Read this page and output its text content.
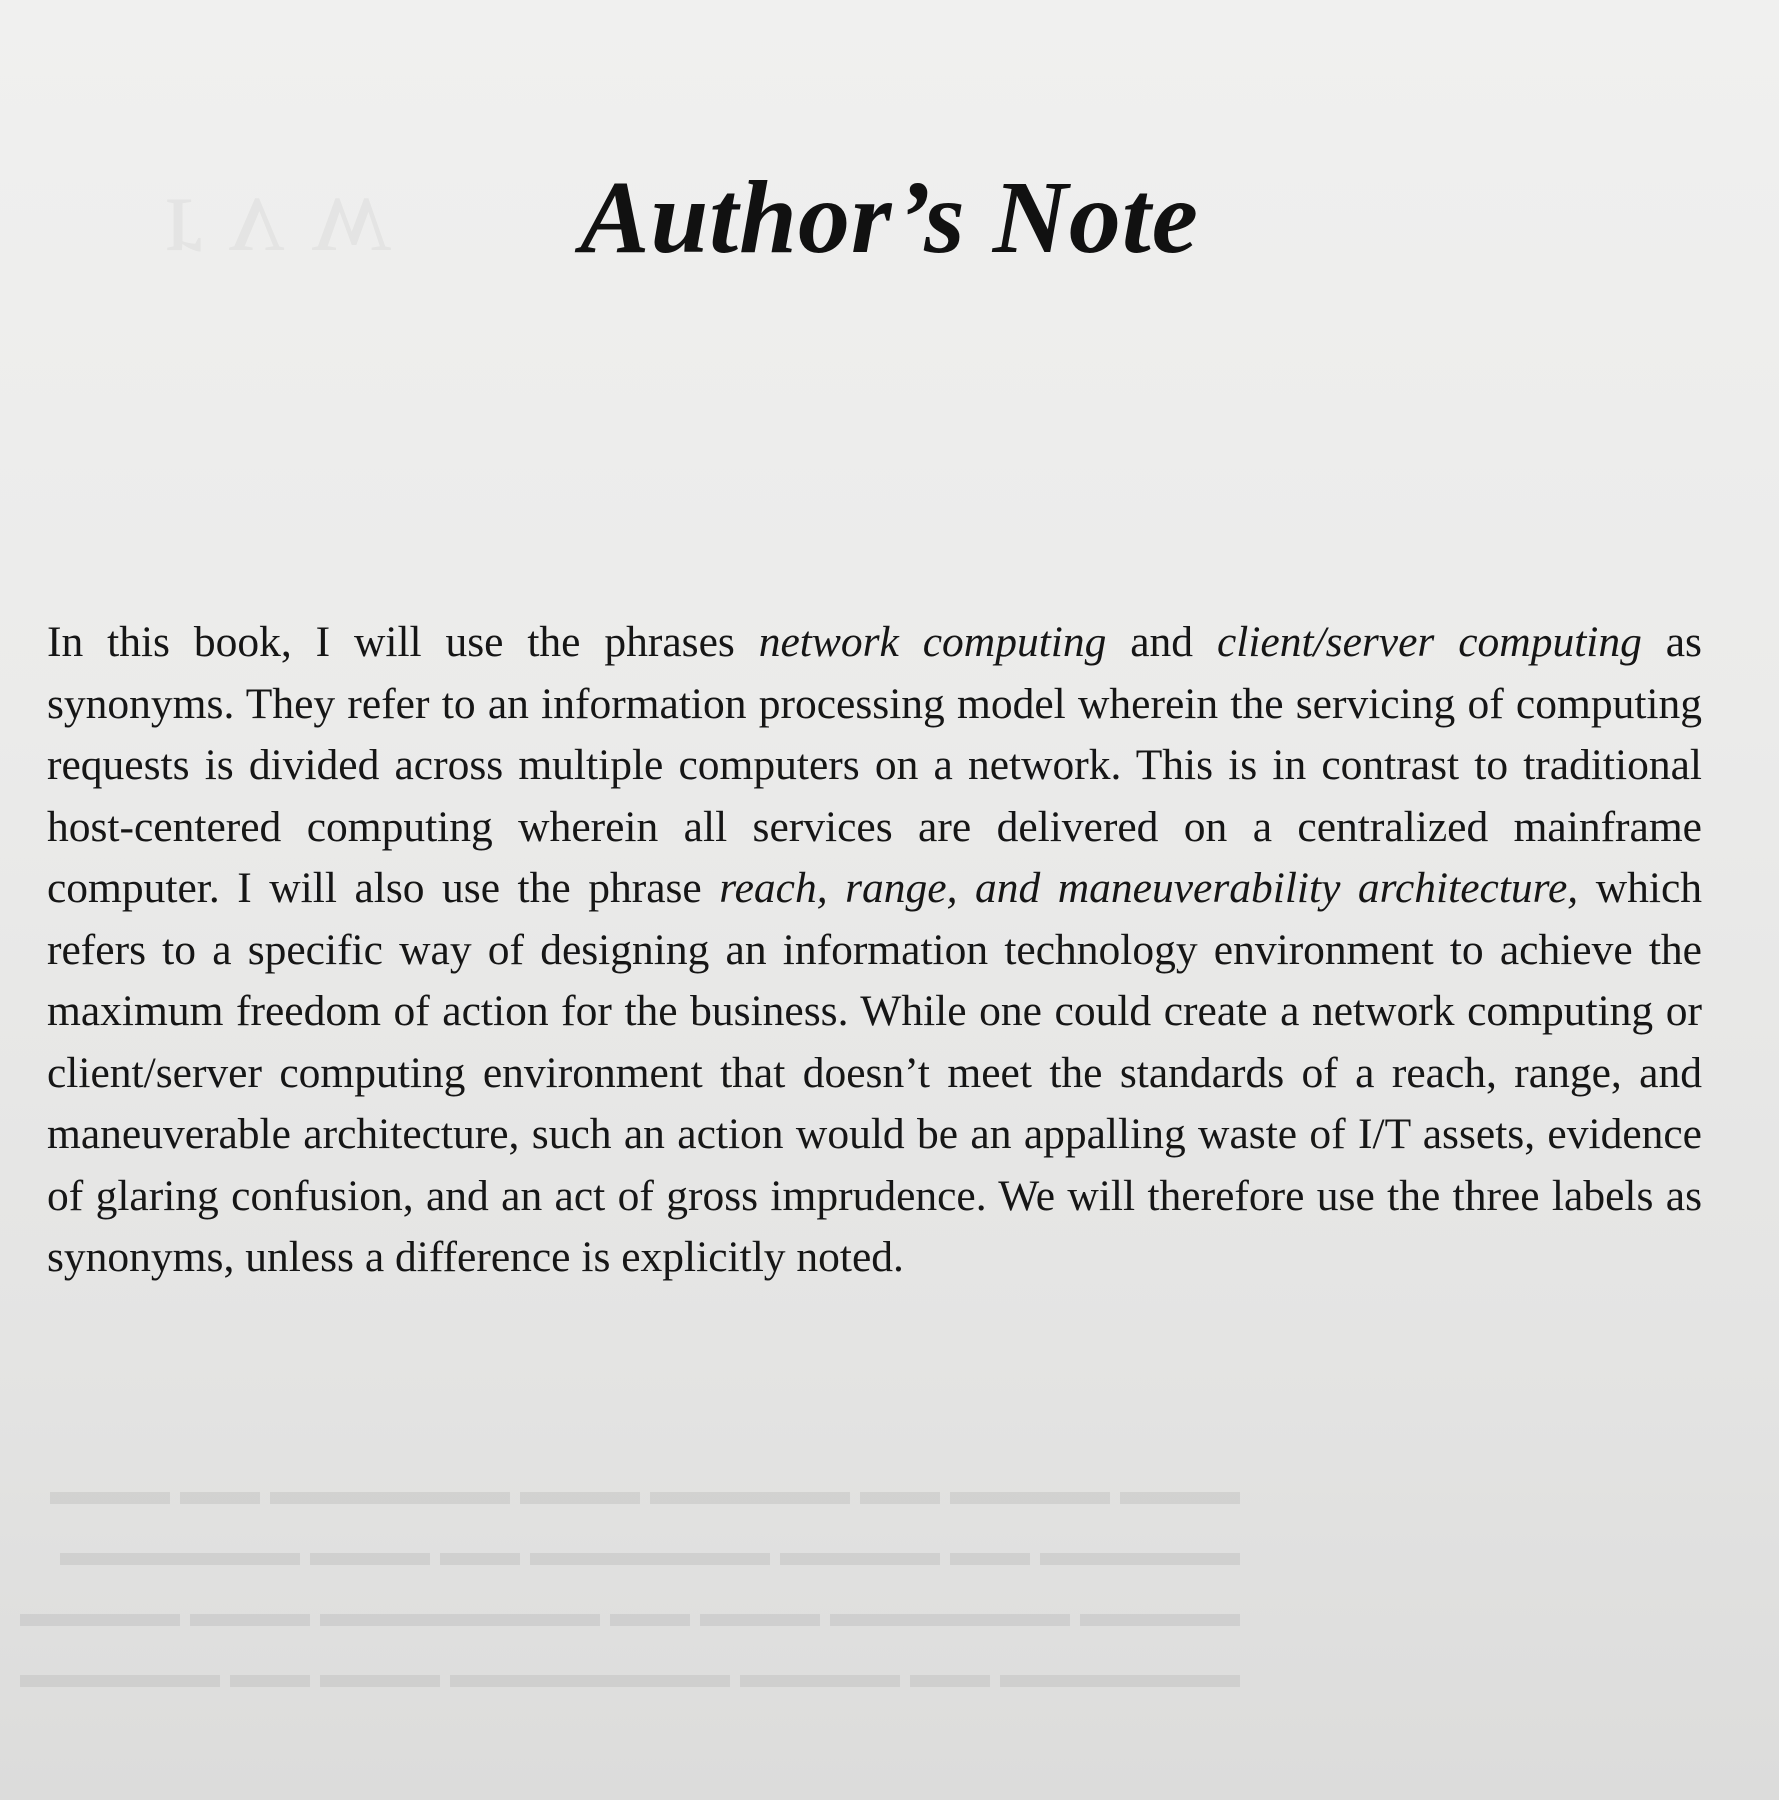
ʍ ʌ ɹ
▬▬▬ ▬▬▬▬ ▬▬ ▬▬▬▬▬ ▬▬▬ ▬▬▬▬▬▬ ▬▬ ▬▬▬
▬▬▬▬▬ ▬▬ ▬▬▬▬ ▬▬▬▬▬▬ ▬▬ ▬▬▬ ▬▬▬▬▬▬
▬▬▬▬ ▬▬▬▬▬▬ ▬▬▬ ▬▬ ▬▬▬▬▬▬▬ ▬▬▬ ▬▬▬▬
▬▬▬▬▬▬ ▬▬ ▬▬▬▬ ▬▬▬▬▬▬▬ ▬▬▬ ▬▬ ▬▬▬▬▬
Author’s Note

In this book, I will use the phrases network computing and client/server computing as synonyms. They refer to an information processing model wherein the servicing of computing requests is divided across multiple computers on a network. This is in contrast to traditional host-centered computing wherein all services are delivered on a centralized mainframe computer. I will also use the phrase reach, range, and maneuverability architecture, which refers to a specific way of designing an information technology environment to achieve the maximum freedom of action for the business. While one could create a network computing or client/server computing environment that doesn’t meet the standards of a reach, range, and maneuverable architecture, such an action would be an appalling waste of I/T assets, evidence of glaring confusion, and an act of gross imprudence. We will therefore use the three labels as synonyms, unless a difference is explicitly noted.
